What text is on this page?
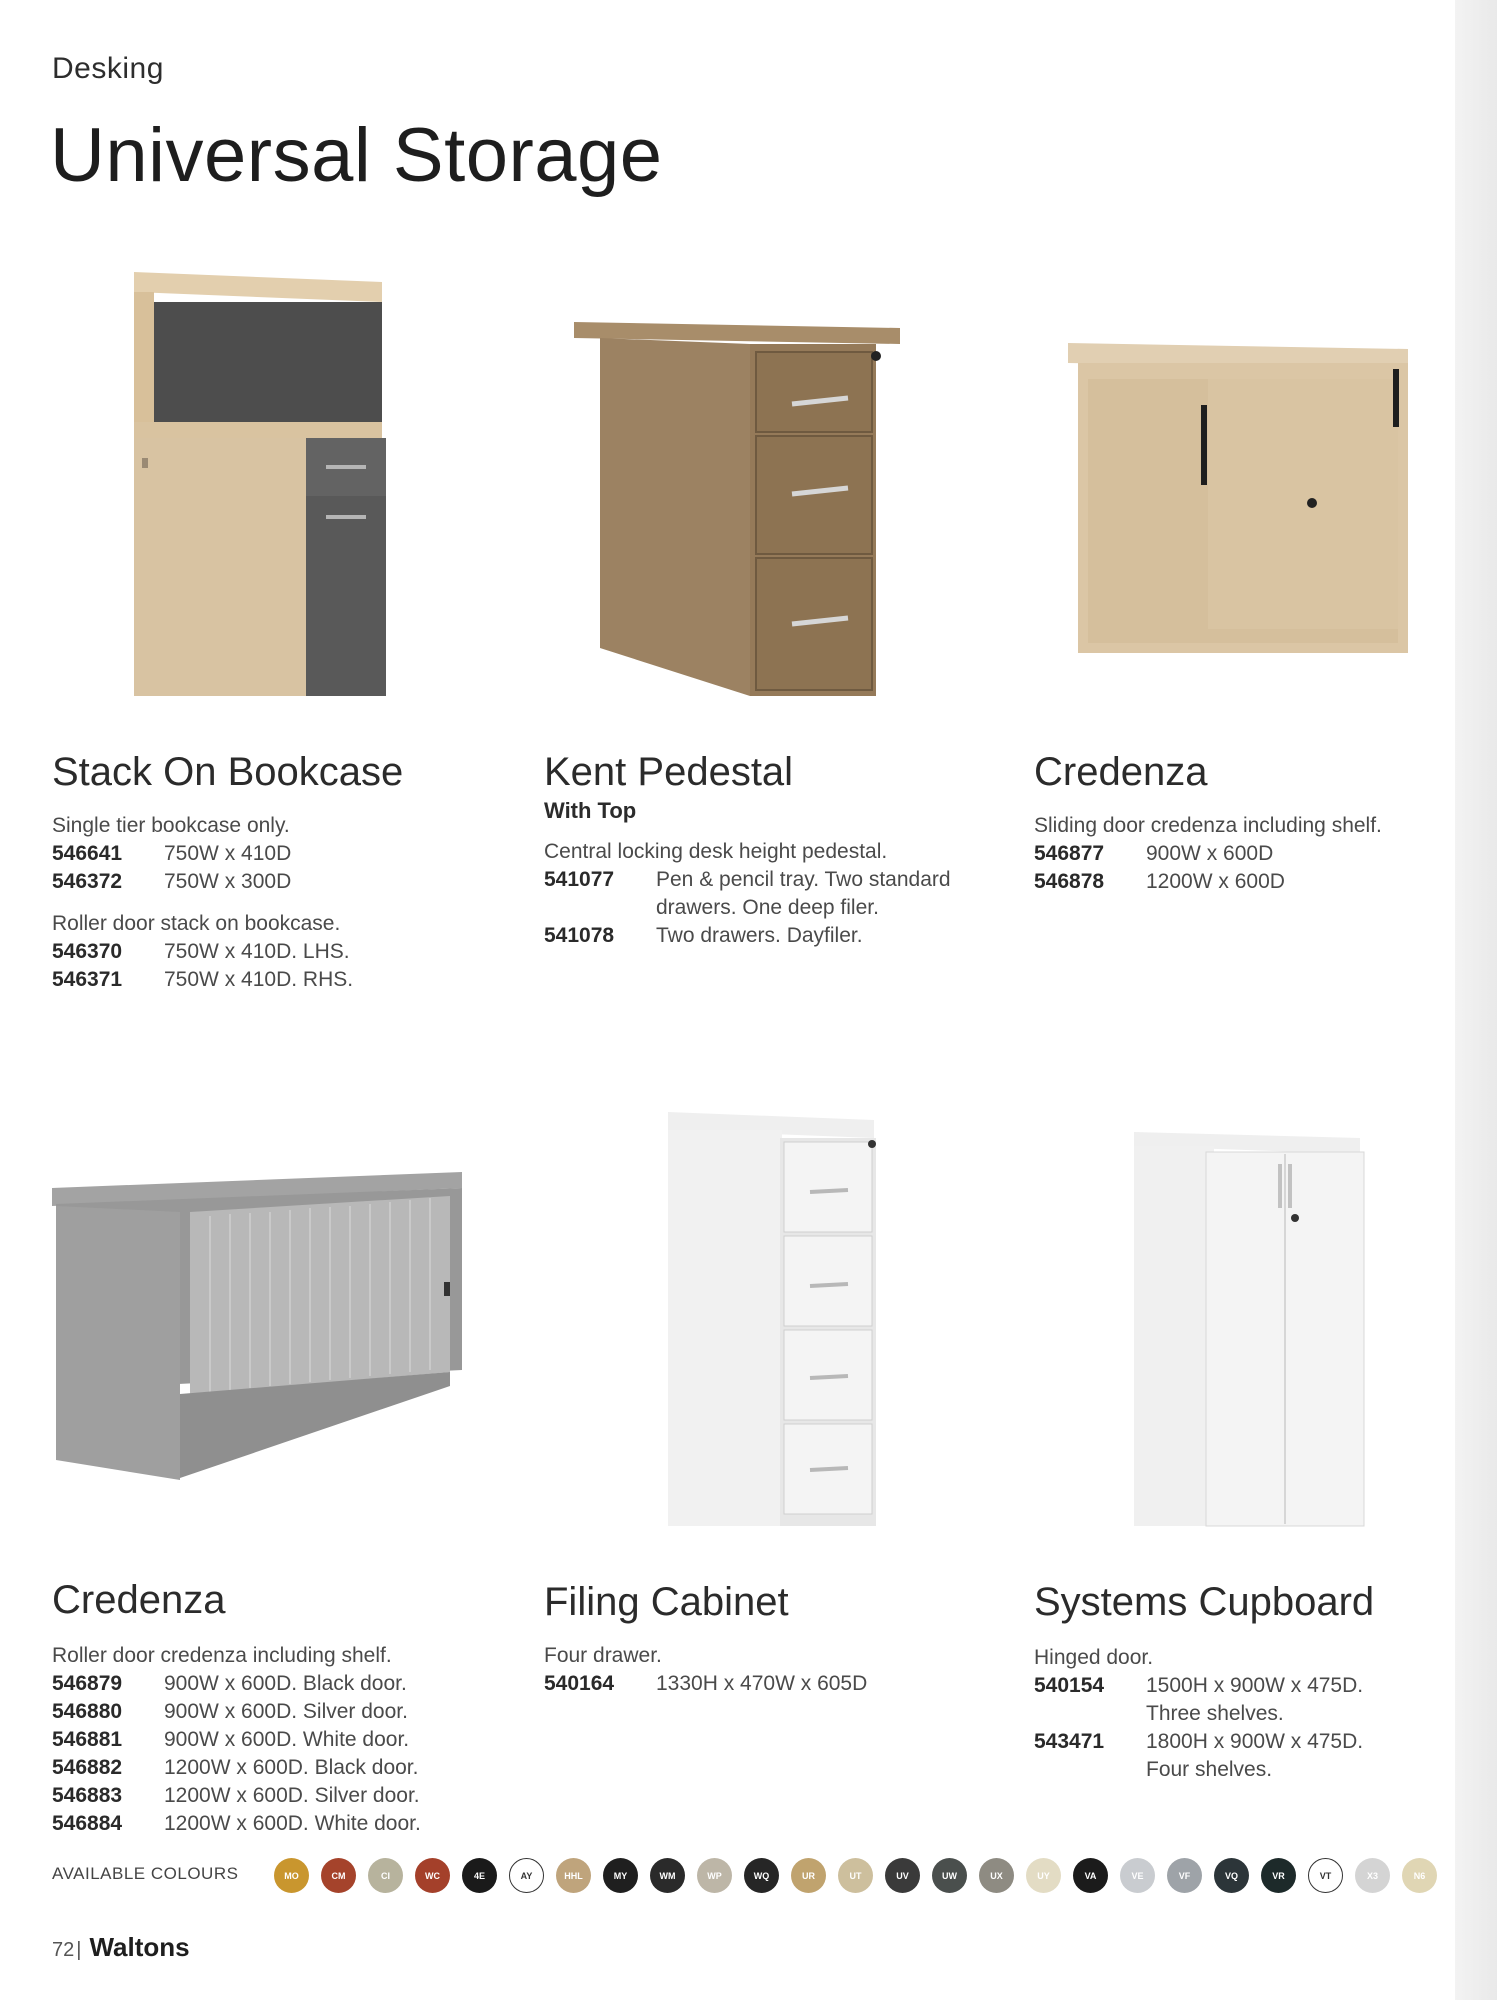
Desking
Universal Storage
Stack On Bookcase
Single tier bookcase only.
546641	750W x 410D
546372	750W x 300D
Roller door stack on bookcase.
546370	750W x 410D. LHS.
546371	750W x 410D. RHS.
Kent Pedestal
With Top
Central locking desk height pedestal.
541077	Pen & pencil tray. Two standard drawers. One deep filer.
541078	Two drawers. Dayfiler.
Credenza
Sliding door credenza including shelf.
546877	900W x 600D
546878	1200W x 600D
Credenza
Roller door credenza including shelf.
546879	900W x 600D. Black door.
546880	900W x 600D. Silver door.
546881	900W x 600D. White door.
546882	1200W x 600D. Black door.
546883	1200W x 600D. Silver door.
546884	1200W x 600D. White door.
Filing Cabinet
Four drawer.
540164	1330H x 470W x 605D
Systems Cupboard
Hinged door.
540154	1500H x 900W x 475D. Three shelves.
543471	1800H x 900W x 475D. Four shelves.
AVAILABLE COLOURS	MO	CM	CI	WC	4E	AY	HHL	MY	WM	WP	WQ	UR	UT	UV	UW	UX	UY	VA	VE	VF	VQ	VR	VT	X3	N6
72 | Waltons
